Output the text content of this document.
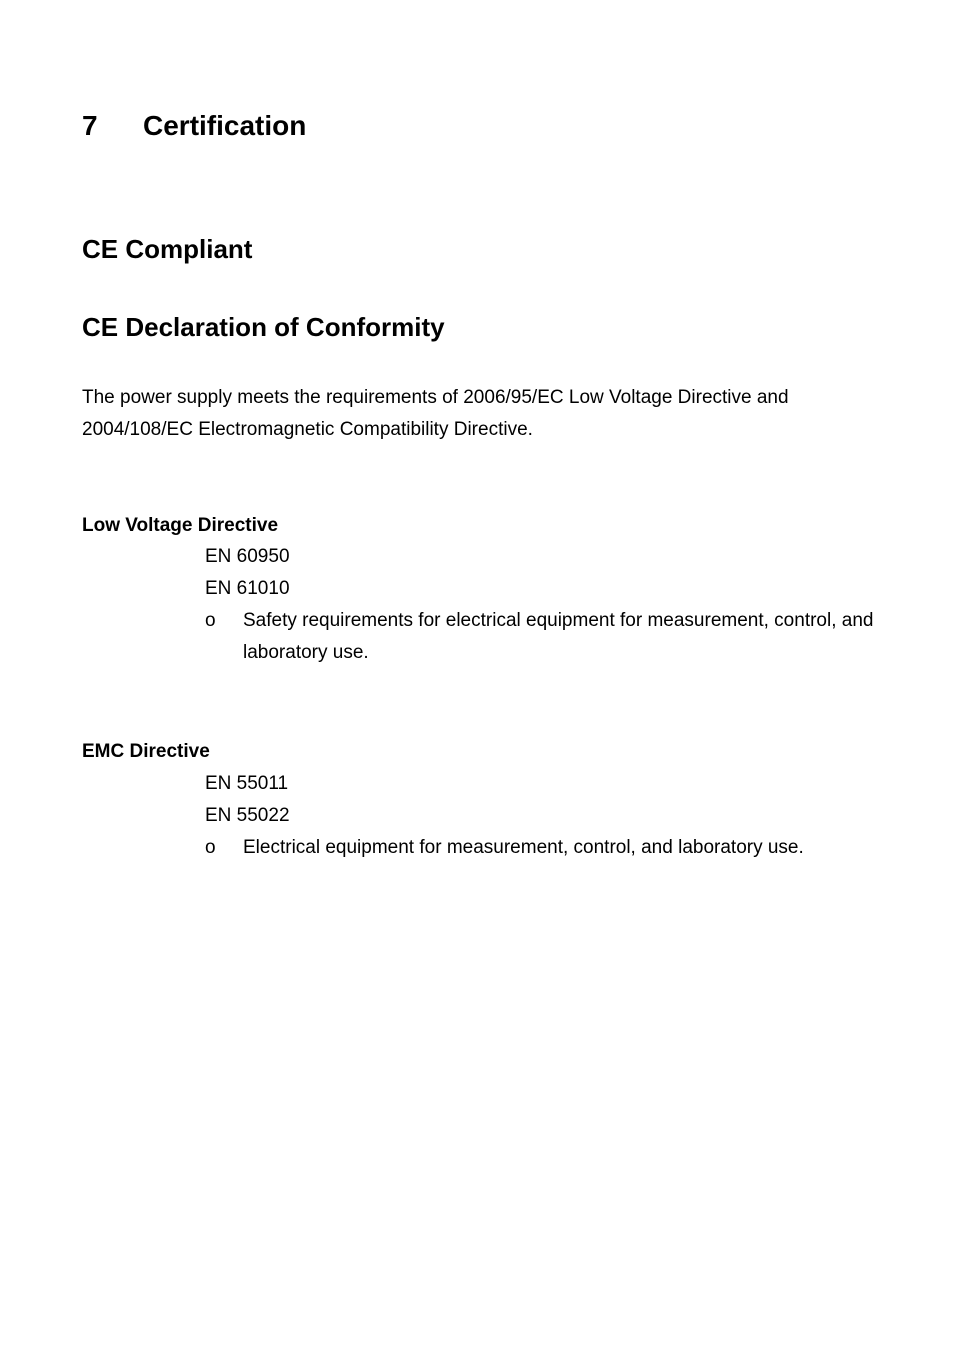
7 Certification
CE Compliant
CE Declaration of Conformity
The power supply meets the requirements of 2006/95/EC Low Voltage Directive and 2004/108/EC Electromagnetic Compatibility Directive.
Low Voltage Directive
EN 60950
EN 61010
o Safety requirements for electrical equipment for measurement, control, and laboratory use.
EMC Directive
EN 55011
EN 55022
o Electrical equipment for measurement, control, and laboratory use.
